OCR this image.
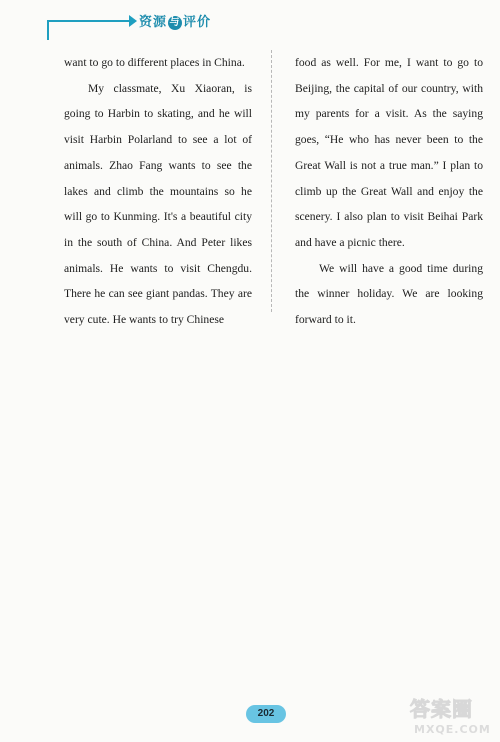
资源 与 评价

want to go to different places in China.

My classmate, Xu Xiaoran, is going to Harbin to skating, and he will visit Harbin Polarland to see a lot of animals. Zhao Fang wants to see the lakes and climb the mountains so he will go to Kunming. It's a beautiful city in the south of China. And Peter likes animals. He wants to visit Chengdu. There he can see giant pandas. They are very cute. He wants to try Chinese

food as well. For me, I want to go to Beijing, the capital of our country, with my parents for a visit. As the saying goes, “He who has never been to the Great Wall is not a true man.” I plan to climb up the Great Wall and enjoy the scenery. I also plan to visit Beihai Park and have a picnic there.

We will have a good time during the winner holiday. We are looking forward to it.

202	答案圈
MXQE.COM
